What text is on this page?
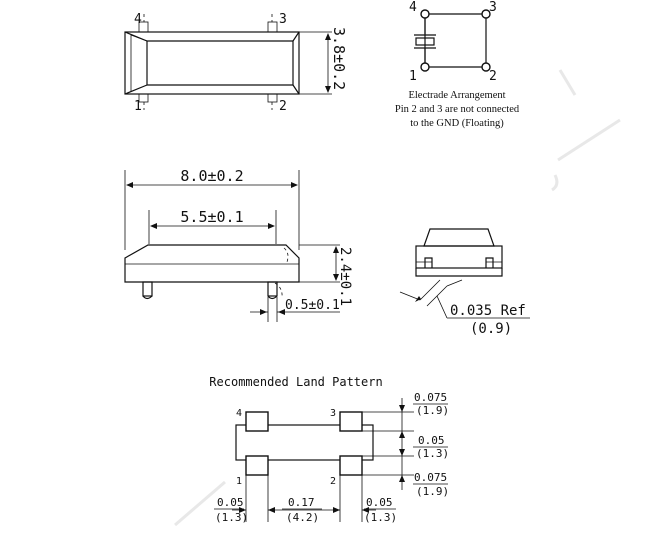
4	3
1	2
3.8±0.2
4	3
1	2
Electrade Arrangement
Pin 2 and 3 are not connected
to the GND (Floating)
8.0±0.2
5.5±0.1
2.4±0.1
0.5±0.1	0.035 Ref
(0.9)
Recommended Land Pattern
4	3
1	2
0.075
(1.9)
0.05
(1.3)
0.075
(1.9)
0.05
(1.3)
0.17
(4.2)
0.05
(1.3)
